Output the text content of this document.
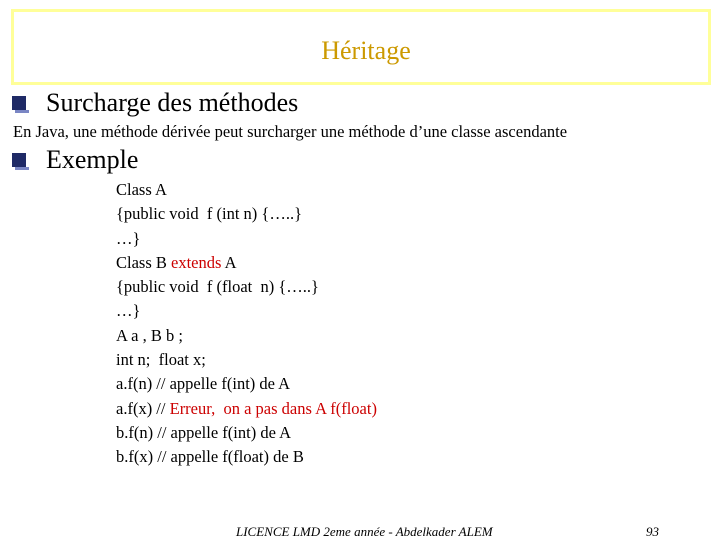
Héritage
Surcharge des méthodes
En Java, une méthode dérivée peut surcharger une méthode d’une classe ascendante
Exemple
Class A
{public void  f (int n) {…..}
…}
Class B extends A
{public void  f (float  n) {…..}
…}
A a , B b ;
int n;  float x;
a.f(n) // appelle f(int) de A
a.f(x) // Erreur,  on a pas dans A f(float)
b.f(n) // appelle f(int) de A
b.f(x) // appelle f(float) de B
LICENCE LMD 2eme année - Abdelkader ALEM	93
